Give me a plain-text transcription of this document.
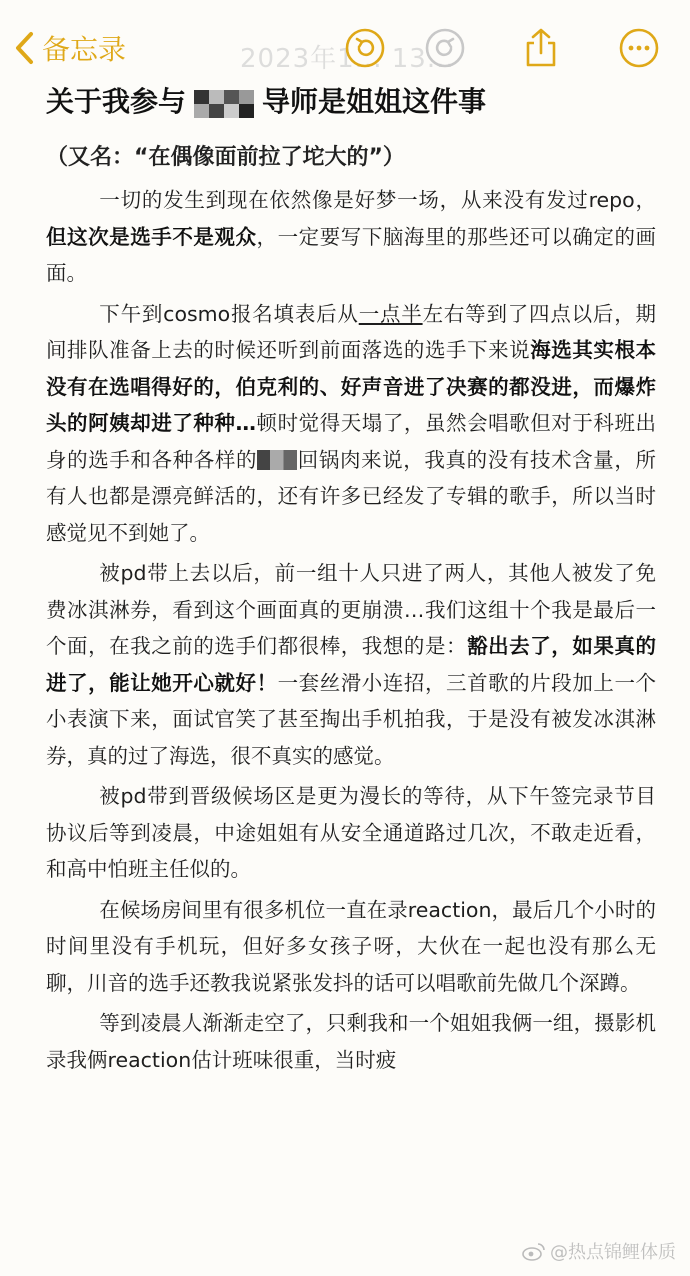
备忘录	2023年1... 13...
关于我参与	导师是姐姐这件事
（又名：“在偶像面前拉了坨大的”）

一切的发生到现在依然像是好梦一场，从来没有发过repo，但这次是选手不是观众，一定要写下脑海里的那些还可以确定的画面。

下午到cosmo报名填表后从一点半左右等到了四点以后，期间排队准备上去的时候还听到前面落选的选手下来说海选其实根本没有在选唱得好的，伯克利的、好声音进了决赛的都没进，而爆炸头的阿姨却进了种种…顿时觉得天塌了，虽然会唱歌但对于科班出身的选手和各种各样的 回锅肉来说，我真的没有技术含量，所有人也都是漂亮鲜活的，还有许多已经发了专辑的歌手，所以当时感觉见不到她了。

被pd带上去以后，前一组十人只进了两人，其他人被发了免费冰淇淋券，看到这个画面真的更崩溃…我们这组十个我是最后一个面，在我之前的选手们都很棒，我想的是：豁出去了，如果真的进了，能让她开心就好！一套丝滑小连招，三首歌的片段加上一个小表演下来，面试官笑了甚至掏出手机拍我，于是没有被发冰淇淋券，真的过了海选，很不真实的感觉。

被pd带到晋级候场区是更为漫长的等待，从下午签完录节目协议后等到凌晨，中途姐姐有从安全通道路过几次，不敢走近看，和高中怕班主任似的。

在候场房间里有很多机位一直在录reaction，最后几个小时的时间里没有手机玩，但好多女孩子呀，大伙在一起也没有那么无聊，川音的选手还教我说紧张发抖的话可以唱歌前先做几个深蹲。

等到凌晨人渐渐走空了，只剩我和一个姐姐我俩一组，摄影机录我俩reaction估计班味很重，当时疲

@热点锦鲤体质
